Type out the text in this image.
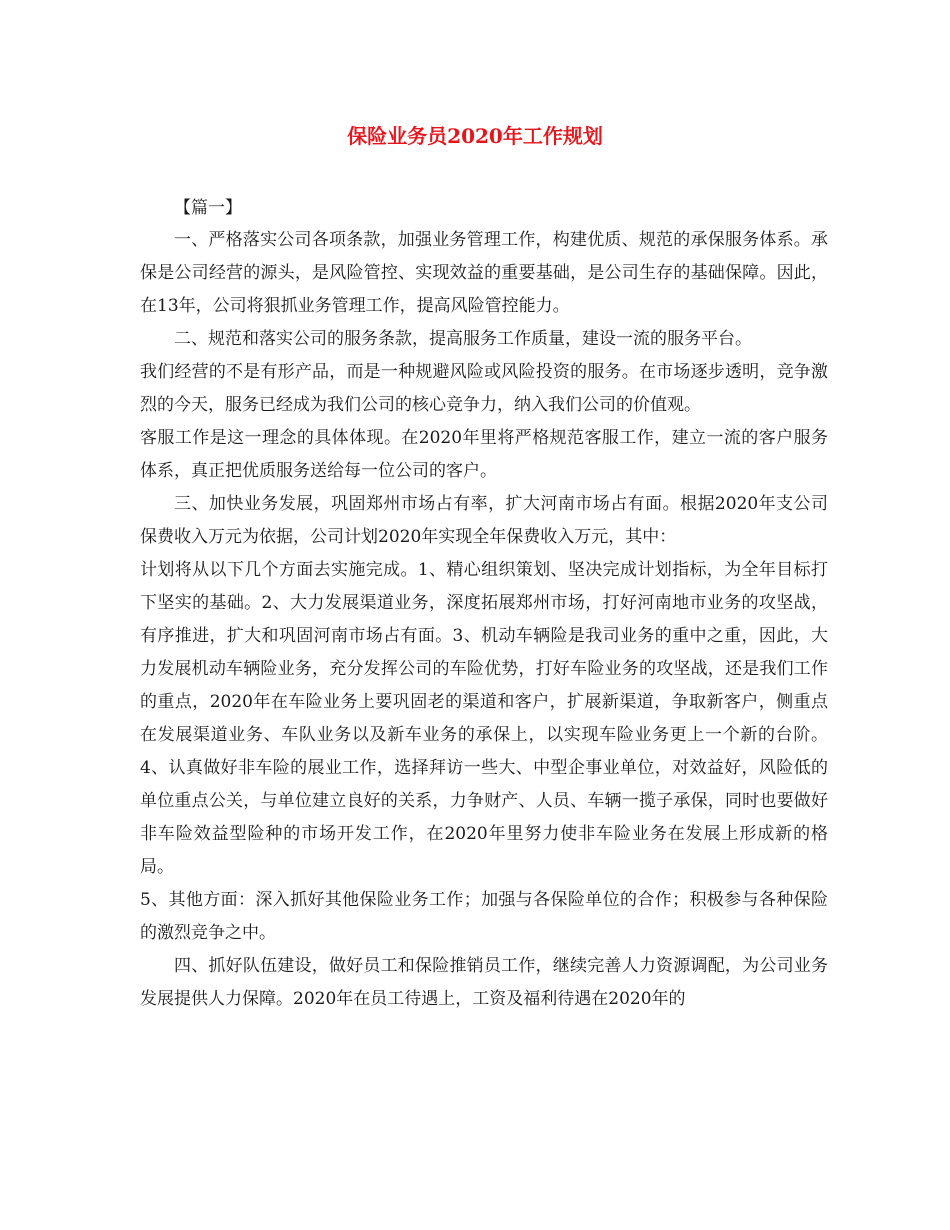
保险业务员2020年工作规划

【篇一】

一、严格落实公司各项条款，加强业务管理工作，构建优质、规范的承保服务体系。承保是公司经营的源头，是风险管控、实现效益的重要基础，是公司生存的基础保障。因此，在13年，公司将狠抓业务管理工作，提高风险管控能力。

二、规范和落实公司的服务条款，提高服务工作质量，建设一流的服务平台。

我们经营的不是有形产品，而是一种规避风险或风险投资的服务。在市场逐步透明，竞争激烈的今天，服务已经成为我们公司的核心竞争力，纳入我们公司的价值观。

客服工作是这一理念的具体体现。在2020年里将严格规范客服工作，建立一流的客户服务体系，真正把优质服务送给每一位公司的客户。

三、加快业务发展，巩固郑州市场占有率，扩大河南市场占有面。根据2020年支公司保费收入万元为依据，公司计划2020年实现全年保费收入万元，其中：

计划将从以下几个方面去实施完成。1、精心组织策划、坚决完成计划指标，为全年目标打下坚实的基础。2、大力发展渠道业务，深度拓展郑州市场，打好河南地市业务的攻坚战，有序推进，扩大和巩固河南市场占有面。3、机动车辆险是我司业务的重中之重，因此，大力发展机动车辆险业务，充分发挥公司的车险优势，打好车险业务的攻坚战，还是我们工作的重点，2020年在车险业务上要巩固老的渠道和客户，扩展新渠道，争取新客户，侧重点在发展渠道业务、车队业务以及新车业务的承保上，以实现车险业务更上一个新的台阶。4、认真做好非车险的展业工作，选择拜访一些大、中型企事业单位，对效益好，风险低的单位重点公关，与单位建立良好的关系，力争财产、人员、车辆一揽子承保，同时也要做好非车险效益型险种的市场开发工作，在2020年里努力使非车险业务在发展上形成新的格局。

5、其他方面：深入抓好其他保险业务工作；加强与各保险单位的合作；积极参与各种保险的激烈竞争之中。

四、抓好队伍建设，做好员工和保险推销员工作，继续完善人力资源调配，为公司业务发展提供人力保障。2020年在员工待遇上，工资及福利待遇在2020年的
